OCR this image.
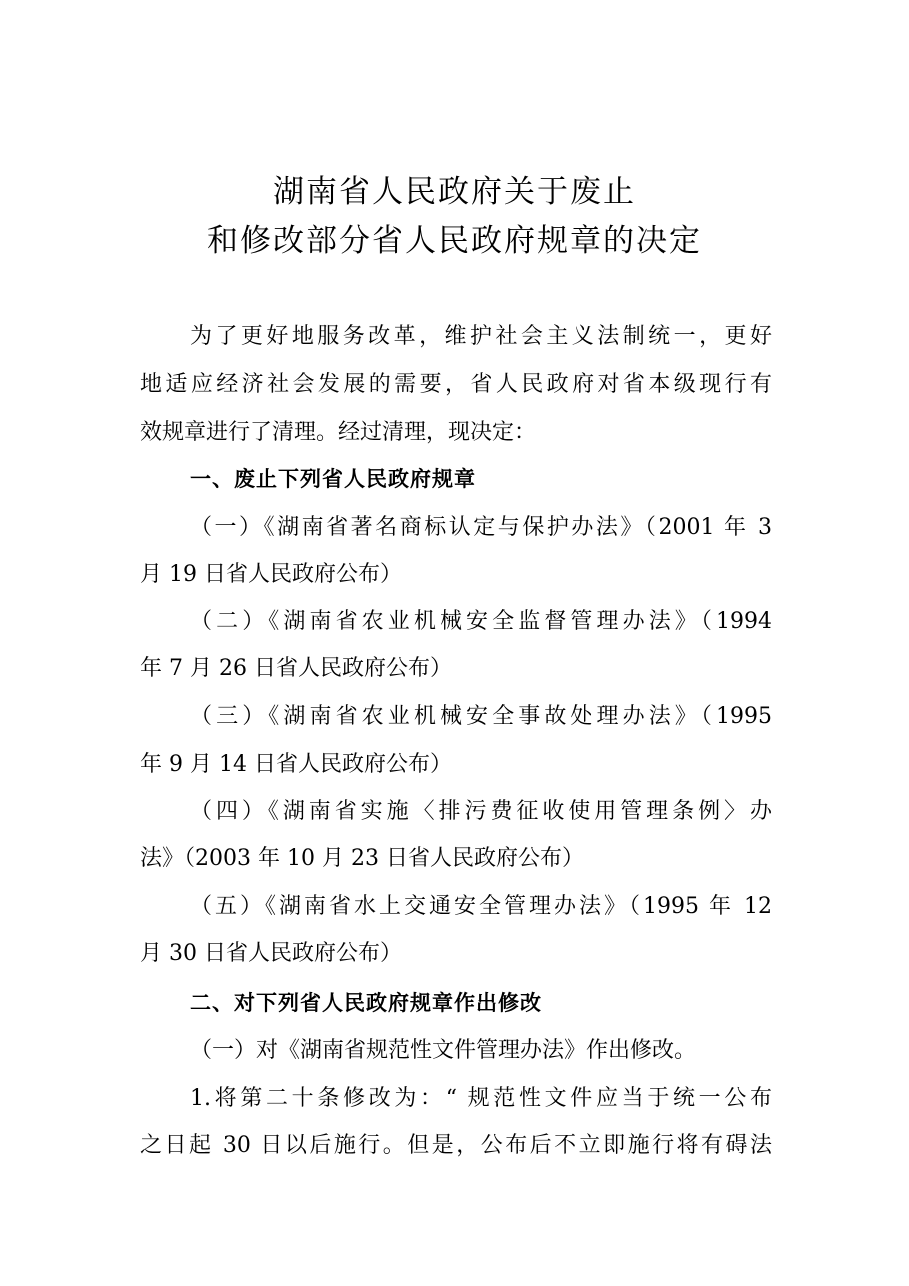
湖南省人民政府关于废止
和修改部分省人民政府规章的决定
为了更好地服务改革，维护社会主义法制统一，更好
地适应经济社会发展的需要，省人民政府对省本级现行有
效规章进行了清理。经过清理，现决定：
一、废止下列省人民政府规章
（一）《湖南省著名商标认定与保护办法》（2001 年 3
月 19 日省人民政府公布）
（二）《湖南省农业机械安全监督管理办法》（1994
年 7 月 26 日省人民政府公布）
（三）《湖南省农业机械安全事故处理办法》（1995
年 9 月 14 日省人民政府公布）
（四）《湖南省实施〈排污费征收使用管理条例〉办
法》（2003 年 10 月 23 日省人民政府公布）
（五）《湖南省水上交通安全管理办法》（1995 年 12
月 30 日省人民政府公布）
二、对下列省人民政府规章作出修改
（一）对《湖南省规范性文件管理办法》作出修改。
1.将第二十条修改为：“ 规范性文件应当于统一公布
之日起 30 日以后施行。但是，公布后不立即施行将有碍法
